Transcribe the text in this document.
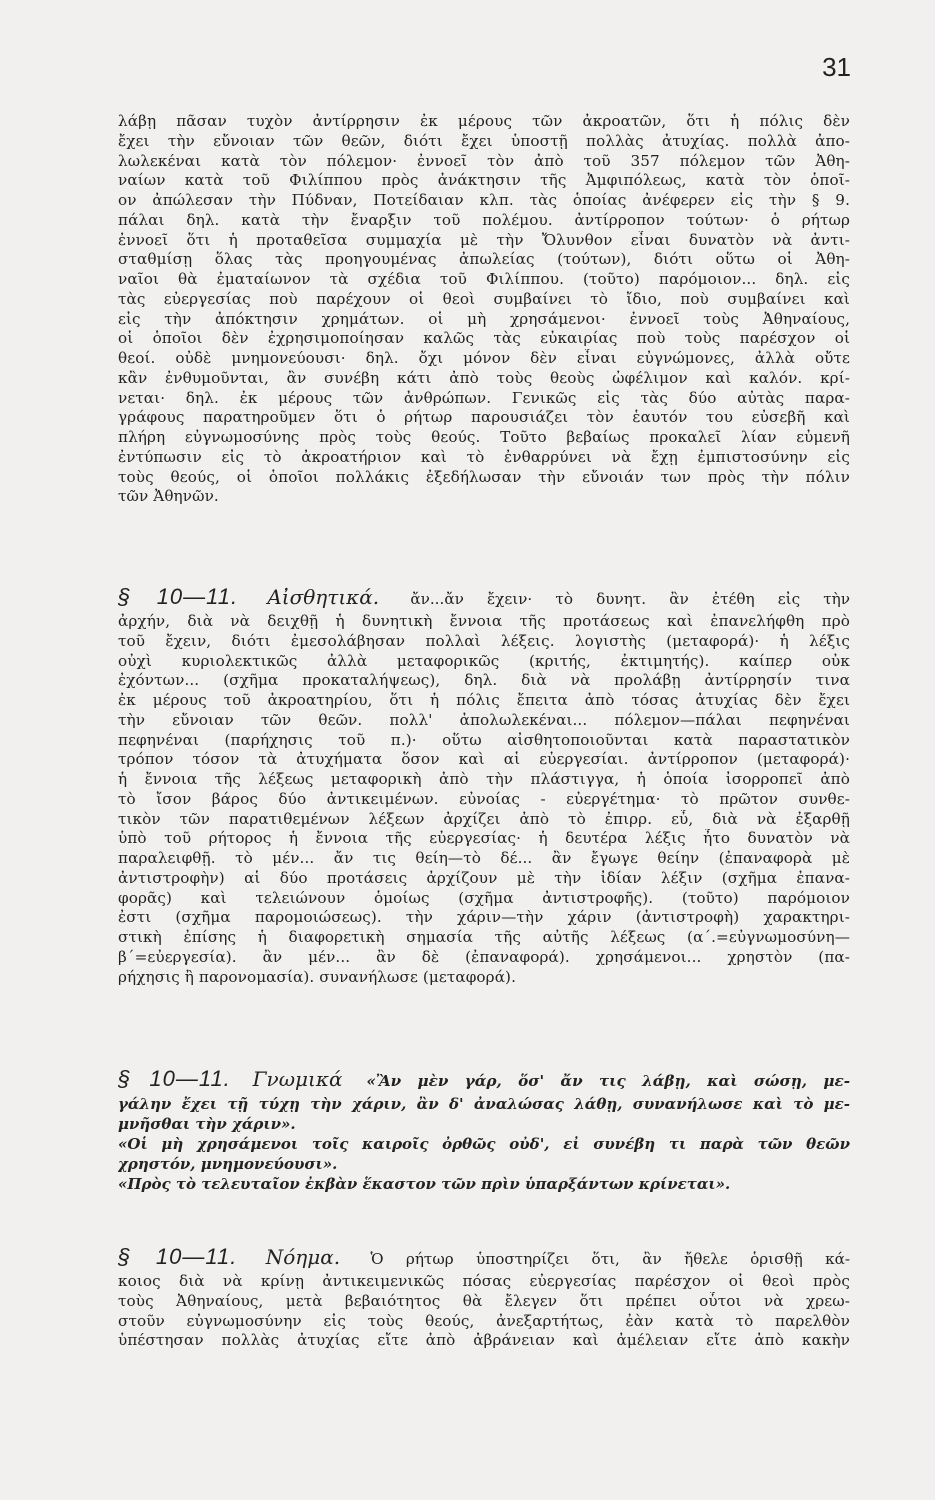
31
λάβῃ πᾶσαν τυχὸν ἀντίρρησιν ἐκ μέρους τῶν ἀκροατῶν, ὅτι ἡ πόλις δὲν
ἔχει τὴν εὔνοιαν τῶν θεῶν, διότι ἔχει ὑποστῇ πολλὰς ἀτυχίας. πολλὰ ἀπο-
λωλεκέναι κατὰ τὸν πόλεμον· ἐννοεῖ τὸν ἀπὸ τοῦ 357 πόλεμον τῶν Ἀθη-
ναίων κατὰ τοῦ Φιλίππου πρὸς ἀνάκτησιν τῆς Ἀμφιπόλεως, κατὰ τὸν ὁποῖ-
ον ἀπώλεσαν τὴν Πύδναν, Ποτείδαιαν κλπ. τὰς ὁποίας ἀνέφερεν εἰς τὴν § 9.
πάλαι δηλ. κατὰ τὴν ἔναρξιν τοῦ πολέμου. ἀντίρροπον τούτων· ὁ ρήτωρ
ἐννοεῖ ὅτι ἡ προταθεῖσα συμμαχία μὲ τὴν Ὄλυνθον εἶναι δυνατὸν νὰ ἀντι-
σταθμίσῃ ὅλας τὰς προηγουμένας ἀπωλείας (τούτων), διότι οὕτω οἱ Ἀθη-
ναῖοι θὰ ἐματαίωνον τὰ σχέδια τοῦ Φιλίππου. (τοῦτο) παρόμοιον... δηλ. εἰς
τὰς εὐεργεσίας ποὺ παρέχουν οἱ θεοὶ συμβαίνει τὸ ἴδιο, ποὺ συμβαίνει καὶ
εἰς τὴν ἀπόκτησιν χρημάτων. οἱ μὴ χρησάμενοι· ἐννοεῖ τοὺς Ἀθηναίους,
οἱ ὁποῖοι δὲν ἐχρησιμοποίησαν καλῶς τὰς εὐκαιρίας ποὺ τοὺς παρέσχον οἱ
θεοί. οὐδὲ μνημονεύουσι· δηλ. ὄχι μόνον δὲν εἶναι εὐγνώμονες, ἀλλὰ οὔτε
κἂν ἐνθυμοῦνται, ἂν συνέβη κάτι ἀπὸ τοὺς θεοὺς ὠφέλιμον καὶ καλόν. κρί-
νεται· δηλ. ἐκ μέρους τῶν ἀνθρώπων. Γενικῶς εἰς τὰς δύο αὐτὰς παρα-
γράφους παρατηροῦμεν ὅτι ὁ ρήτωρ παρουσιάζει τὸν ἑαυτόν του εὐσεβῆ καὶ
πλήρη εὐγνωμοσύνης πρὸς τοὺς θεούς. Τοῦτο βεβαίως προκαλεῖ λίαν εὐμενῆ
ἐντύπωσιν εἰς τὸ ἀκροατήριον καὶ τὸ ἐνθαρρύνει νὰ ἔχῃ ἐμπιστοσύνην εἰς
τοὺς θεούς, οἱ ὁποῖοι πολλάκις ἐξεδήλωσαν τὴν εὔνοιάν των πρὸς τὴν πόλιν
τῶν Ἀθηνῶν.
§ 10—11. Αἰσθητικά. ἄν...ἄν ἔχειν· τὸ δυνητ. ἂν ἐτέθη εἰς τὴν
ἀρχήν, διὰ νὰ δειχθῇ ἡ δυνητικὴ ἔννοια τῆς προτάσεως καὶ ἐπανελήφθη πρὸ
τοῦ ἔχειν, διότι ἐμεσολάβησαν πολλαὶ λέξεις. λογιστὴς (μεταφορά)· ἡ λέξις
οὐχὶ κυριολεκτικῶς ἀλλὰ μεταφορικῶς (κριτής, ἐκτιμητής). καίπερ οὐκ
ἐχόντων... (σχῆμα προκαταλήψεως), δηλ. διὰ νὰ προλάβῃ ἀντίρρησίν τινα
ἐκ μέρους τοῦ ἀκροατηρίου, ὅτι ἡ πόλις ἔπειτα ἀπὸ τόσας ἀτυχίας δὲν ἔχει
τὴν εὔνοιαν τῶν θεῶν. πολλ' ἀπολωλεκέναι... πόλεμον—πάλαι πεφηνέναι
πεφηνέναι (παρήχησις τοῦ π.)· οὕτω αἰσθητοποιοῦνται κατὰ παραστατικὸν
τρόπον τόσον τὰ ἀτυχήματα ὅσον καὶ αἱ εὐεργεσίαι. ἀντίρροπον (μεταφορά)·
ἡ ἔννοια τῆς λέξεως μεταφορικὴ ἀπὸ τὴν πλάστιγγα, ἡ ὁποία ἰσορροπεῖ ἀπὸ
τὸ ἴσον βάρος δύο ἀντικειμένων. εὐνοίας - εὐεργέτημα· τὸ πρῶτον συνθε-
τικὸν τῶν παρατιθεμένων λέξεων ἀρχίζει ἀπὸ τὸ ἐπιρρ. εὖ, διὰ νὰ ἐξαρθῇ
ὑπὸ τοῦ ρήτορος ἡ ἔννοια τῆς εὐεργεσίας· ἡ δευτέρα λέξις ἦτο δυνατὸν νὰ
παραλειφθῇ. τὸ μέν... ἄν τις θείη—τὸ δέ... ἂν ἔγωγε θείην (ἐπαναφορὰ μὲ
ἀντιστροφὴν) αἱ δύο προτάσεις ἀρχίζουν μὲ τὴν ἰδίαν λέξιν (σχῆμα ἐπανα-
φορᾶς) καὶ τελειώνουν ὁμοίως (σχῆμα ἀντιστροφῆς). (τοῦτο) παρόμοιον
ἐστι (σχῆμα παρομοιώσεως). τὴν χάριν—τὴν χάριν (ἀντιστροφὴ) χαρακτηρι-
στικὴ ἐπίσης ἡ διαφορετικὴ σημασία τῆς αὐτῆς λέξεως (α΄.=εὐγνωμοσύνη—
β΄=εὐεργεσία). ἂν μέν... ἂν δὲ (ἐπαναφορά). χρησάμενοι... χρηστὸν (πα-
ρήχησις ἢ παρονομασία). συνανήλωσε (μεταφορά).
§ 10—11. Γνωμικά «Ἂν μὲν γάρ, ὅσ' ἄν τις λάβῃ, καὶ σώσῃ, με-
γάλην ἔχει τῇ τύχῃ τὴν χάριν, ἂν δ' ἀναλώσας λάθῃ, συνανήλωσε καὶ τὸ με-
μνῆσθαι τὴν χάριν».
«Οἱ μὴ χρησάμενοι τοῖς καιροῖς ὀρθῶς οὐδ', εἰ συνέβη τι παρὰ τῶν θεῶν
χρηστόν, μνημονεύουσι».
«Πρὸς τὸ τελευταῖον ἐκβὰν ἕκαστον τῶν πρὶν ὑπαρξάντων κρίνεται».
§ 10—11. Νόημα. Ὁ ρήτωρ ὑποστηρίζει ὅτι, ἂν ἤθελε ὁρισθῇ κά-
κοιος διὰ νὰ κρίνῃ ἀντικειμενικῶς πόσας εὐεργεσίας παρέσχον οἱ θεοὶ πρὸς
τοὺς Ἀθηναίους, μετὰ βεβαιότητος θὰ ἔλεγεν ὅτι πρέπει οὗτοι νὰ χρεω-
στοῦν εὐγνωμοσύνην εἰς τοὺς θεούς, ἀνεξαρτήτως, ἐὰν κατὰ τὸ παρελθὸν
ὑπέστησαν πολλὰς ἀτυχίας εἴτε ἀπὸ ἀβράνειαν καὶ ἀμέλειαν εἴτε ἀπὸ κακὴν
